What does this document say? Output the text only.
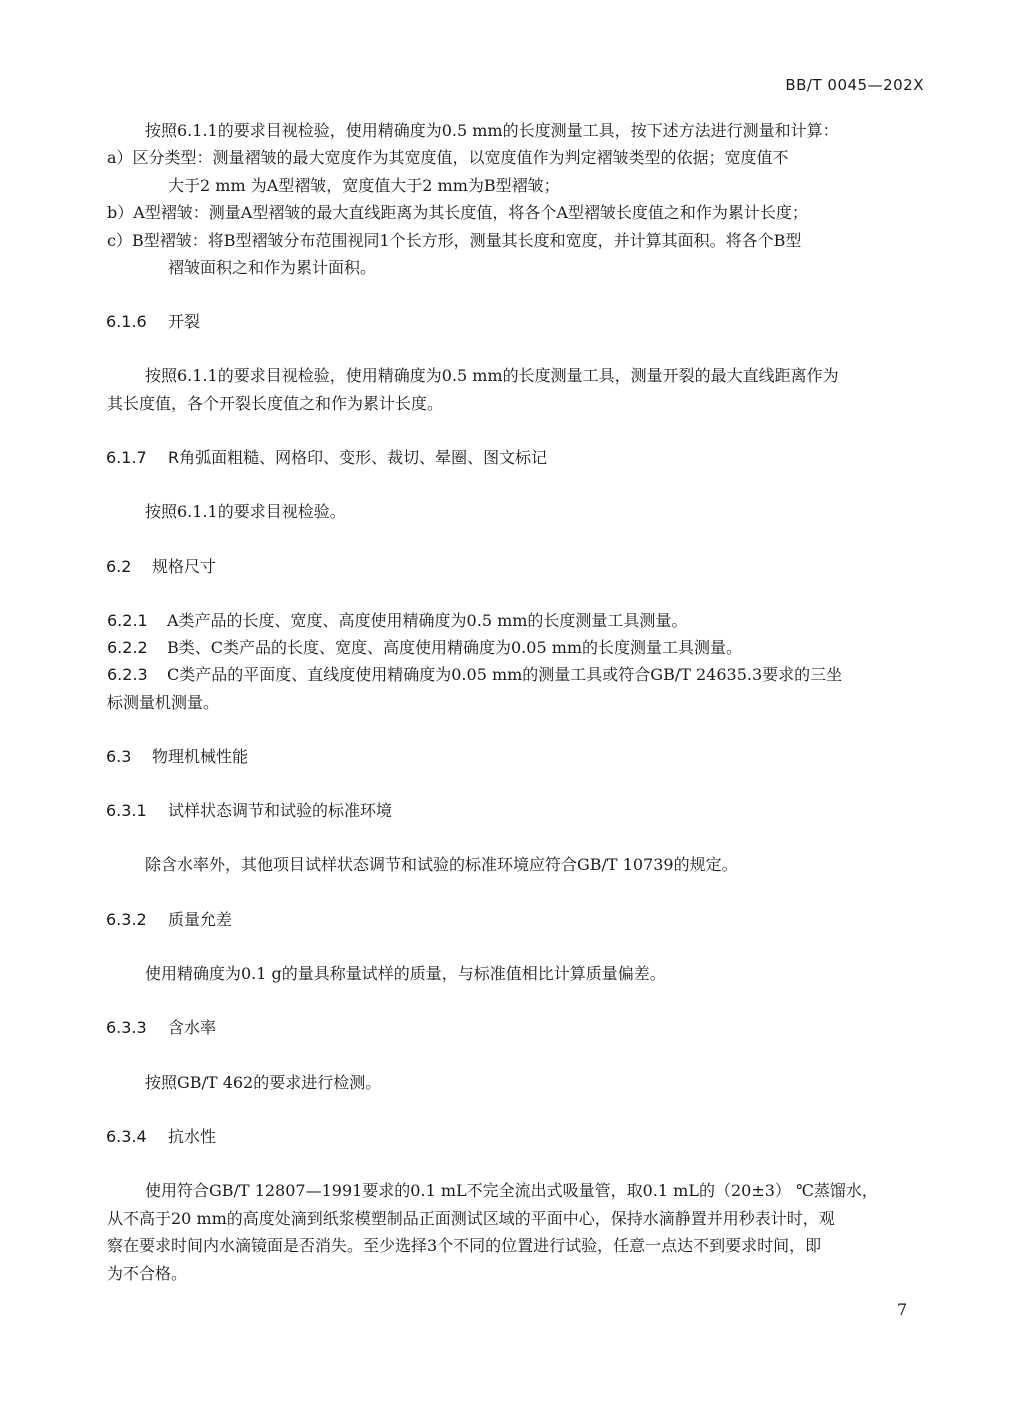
BB/T 0045—202X
按照6.1.1的要求目视检验，使用精确度为0.5 mm的长度测量工具，按下述方法进行测量和计算：
a）区分类型：测量褶皱的最大宽度作为其宽度值，以宽度值作为判定褶皱类型的依据；宽度值不
大于2 mm 为A型褶皱，宽度值大于2 mm为B型褶皱；
b）A型褶皱：测量A型褶皱的最大直线距离为其长度值，将各个A型褶皱长度值之和作为累计长度；
c）B型褶皱：将B型褶皱分布范围视同1个长方形，测量其长度和宽度，并计算其面积。将各个B型
褶皱面积之和作为累计面积。
6.1.6 开裂
按照6.1.1的要求目视检验，使用精确度为0.5 mm的长度测量工具，测量开裂的最大直线距离作为
其长度值，各个开裂长度值之和作为累计长度。
6.1.7 R角弧面粗糙、网格印、变形、裁切、晕圈、图文标记
按照6.1.1的要求目视检验。
6.2 规格尺寸
6.2.1 A类产品的长度、宽度、高度使用精确度为0.5 mm的长度测量工具测量。
6.2.2 B类、C类产品的长度、宽度、高度使用精确度为0.05 mm的长度测量工具测量。
6.2.3 C类产品的平面度、直线度使用精确度为0.05 mm的测量工具或符合GB/T 24635.3要求的三坐
标测量机测量。
6.3 物理机械性能
6.3.1 试样状态调节和试验的标准环境
除含水率外，其他项目试样状态调节和试验的标准环境应符合GB/T 10739的规定。
6.3.2 质量允差
使用精确度为0.1 g的量具称量试样的质量，与标准值相比计算质量偏差。
6.3.3 含水率
按照GB/T 462的要求进行检测。
6.3.4 抗水性
使用符合GB/T 12807—1991要求的0.1 mL不完全流出式吸量管，取0.1 mL的（20±3） ℃蒸馏水，
从不高于20 mm的高度处滴到纸浆模塑制品正面测试区域的平面中心，保持水滴静置并用秒表计时，观
察在要求时间内水滴镜面是否消失。至少选择3个不同的位置进行试验，任意一点达不到要求时间，即
为不合格。
7
